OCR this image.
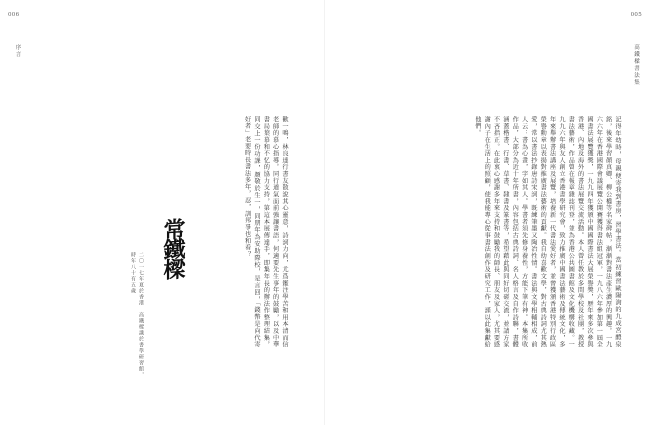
006
序言
歡一鳴，林良達行書友散說其心靈意，詩詞力向，尤爲鑑注學苦和用本清而信老師的慕心指導。同行道氣面前強讓書語，何適要先生事年的鼓勵，以及中華書局葉慕和不忆的協力支持，第這本展傳達手，即集年長的辦法作整理結集，同交上一份功課，顏敬於生一，同朋年為安助際校，是言回，「錢幣是向代寄好者」老要時長書法多年，忍，訓邦爭也和看？
常鐵樑
二〇一七年夏於香港　高鐵樑識於書學研習館，時年八十有五歲
005
高鐵樑書法集
記得年幼時，母親便寄我到書房，習學書法。當初練習歐陽詢的九成宮醴泉銘，後來學習顏真卿、柳公權等名家碑帖，漸漸對書法產生濃厚的興趣。一九六六年在香港國際會議展覽公開賽獲得書法組冠軍，一九八六年參加第一屆全國書法展覽獲獎，一九九四年獲頒中國國際書法大展榮譽獎，歷年來多次參與香港、內地及海外的書法展覽交流活動。本人曾任教於多間學校及社團，教授書法藝術，作品曾在報章雜誌刊登，並為香港公共圖書館及文化機構收藏。一九九六年與友人創立香港書學研究會，致力推廣中國書法藝術及傳統文化，多年來舉辦書法講座及展覽，培養新一代書法愛好者，並曾獲頒香港特別行政區榮譽勳章以表揚對推廣書法藝術的貢獻。我自幼喜歡文學，對古典詩詞尤其熱愛，常以書法抄錄唐詩宋詞，既練筆墨又陶冶性情。書法與文學相輔相成，前人云：書為心畫，字如其人。學書者須先修身養性，方能下筆有神。本集所收作品，大部分為近十年所書，內容包括古典詩詞、名人格言及自作詩聯，書體涵蓋楷書、行書、草書、隸書及篆書等，希望藉此與同好切磋交流，並請方家不吝指正。在此衷心感謝多年來支持和鼓勵我的師長、朋友及家人，尤其要感謝內子在生活上的照顧，使我能專心從事書法創作及研究工作，謹以此集獻給他們。
